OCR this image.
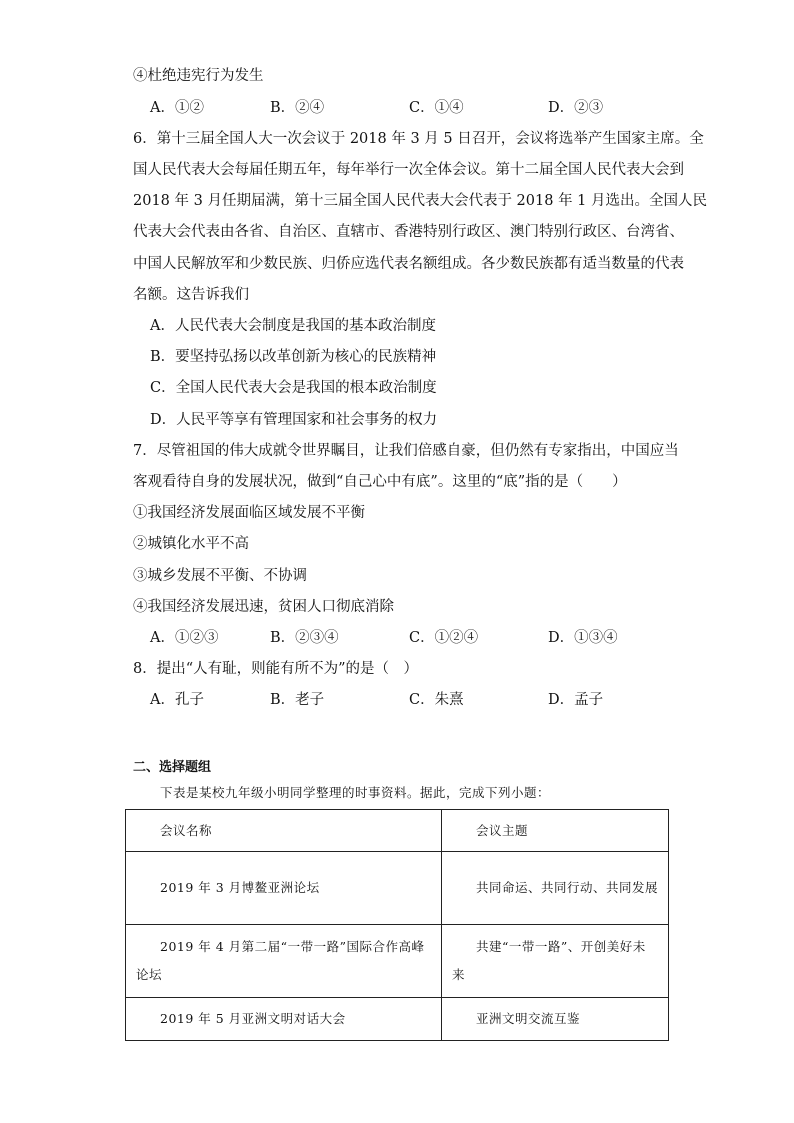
④杜绝违宪行为发生
A．①②	B．②④	C．①④	D．②③
6．第十三届全国人大一次会议于 2018 年 3 月 5 日召开，会议将选举产生国家主席。全
国人民代表大会每届任期五年，每年举行一次全体会议。第十二届全国人民代表大会到
2018 年 3 月任期届满，第十三届全国人民代表大会代表于 2018 年 1 月选出。全国人民
代表大会代表由各省、自治区、直辖市、香港特别行政区、澳门特别行政区、台湾省、
中国人民解放军和少数民族、归侨应选代表名额组成。各少数民族都有适当数量的代表
名额。这告诉我们
A．人民代表大会制度是我国的基本政治制度
B．要坚持弘扬以改革创新为核心的民族精神
C．全国人民代表大会是我国的根本政治制度
D．人民平等享有管理国家和社会事务的权力
7．尽管祖国的伟大成就令世界瞩目，让我们倍感自豪，但仍然有专家指出，中国应当
客观看待自身的发展状况，做到“自己心中有底”。这里的“底”指的是（　　）
①我国经济发展面临区域发展不平衡
②城镇化水平不高
③城乡发展不平衡、不协调
④我国经济发展迅速，贫困人口彻底消除
A．①②③	B．②③④	C．①②④	D．①③④
8．提出“人有耻，则能有所不为”的是（　）
A．孔子	B．老子	C．朱熹	D．孟子
二、选择题组
下表是某校九年级小明同学整理的时事资料。据此，完成下列小题：
会议名称	会议主题

2019 年 3 月博鳌亚洲论坛	共同命运、共同行动、共同发展

2019 年 4 月第二届“一带一路”国际合作高峰论坛	共建“一带一路”、开创美好未来

2019 年 5 月亚洲文明对话大会	亚洲文明交流互鉴
